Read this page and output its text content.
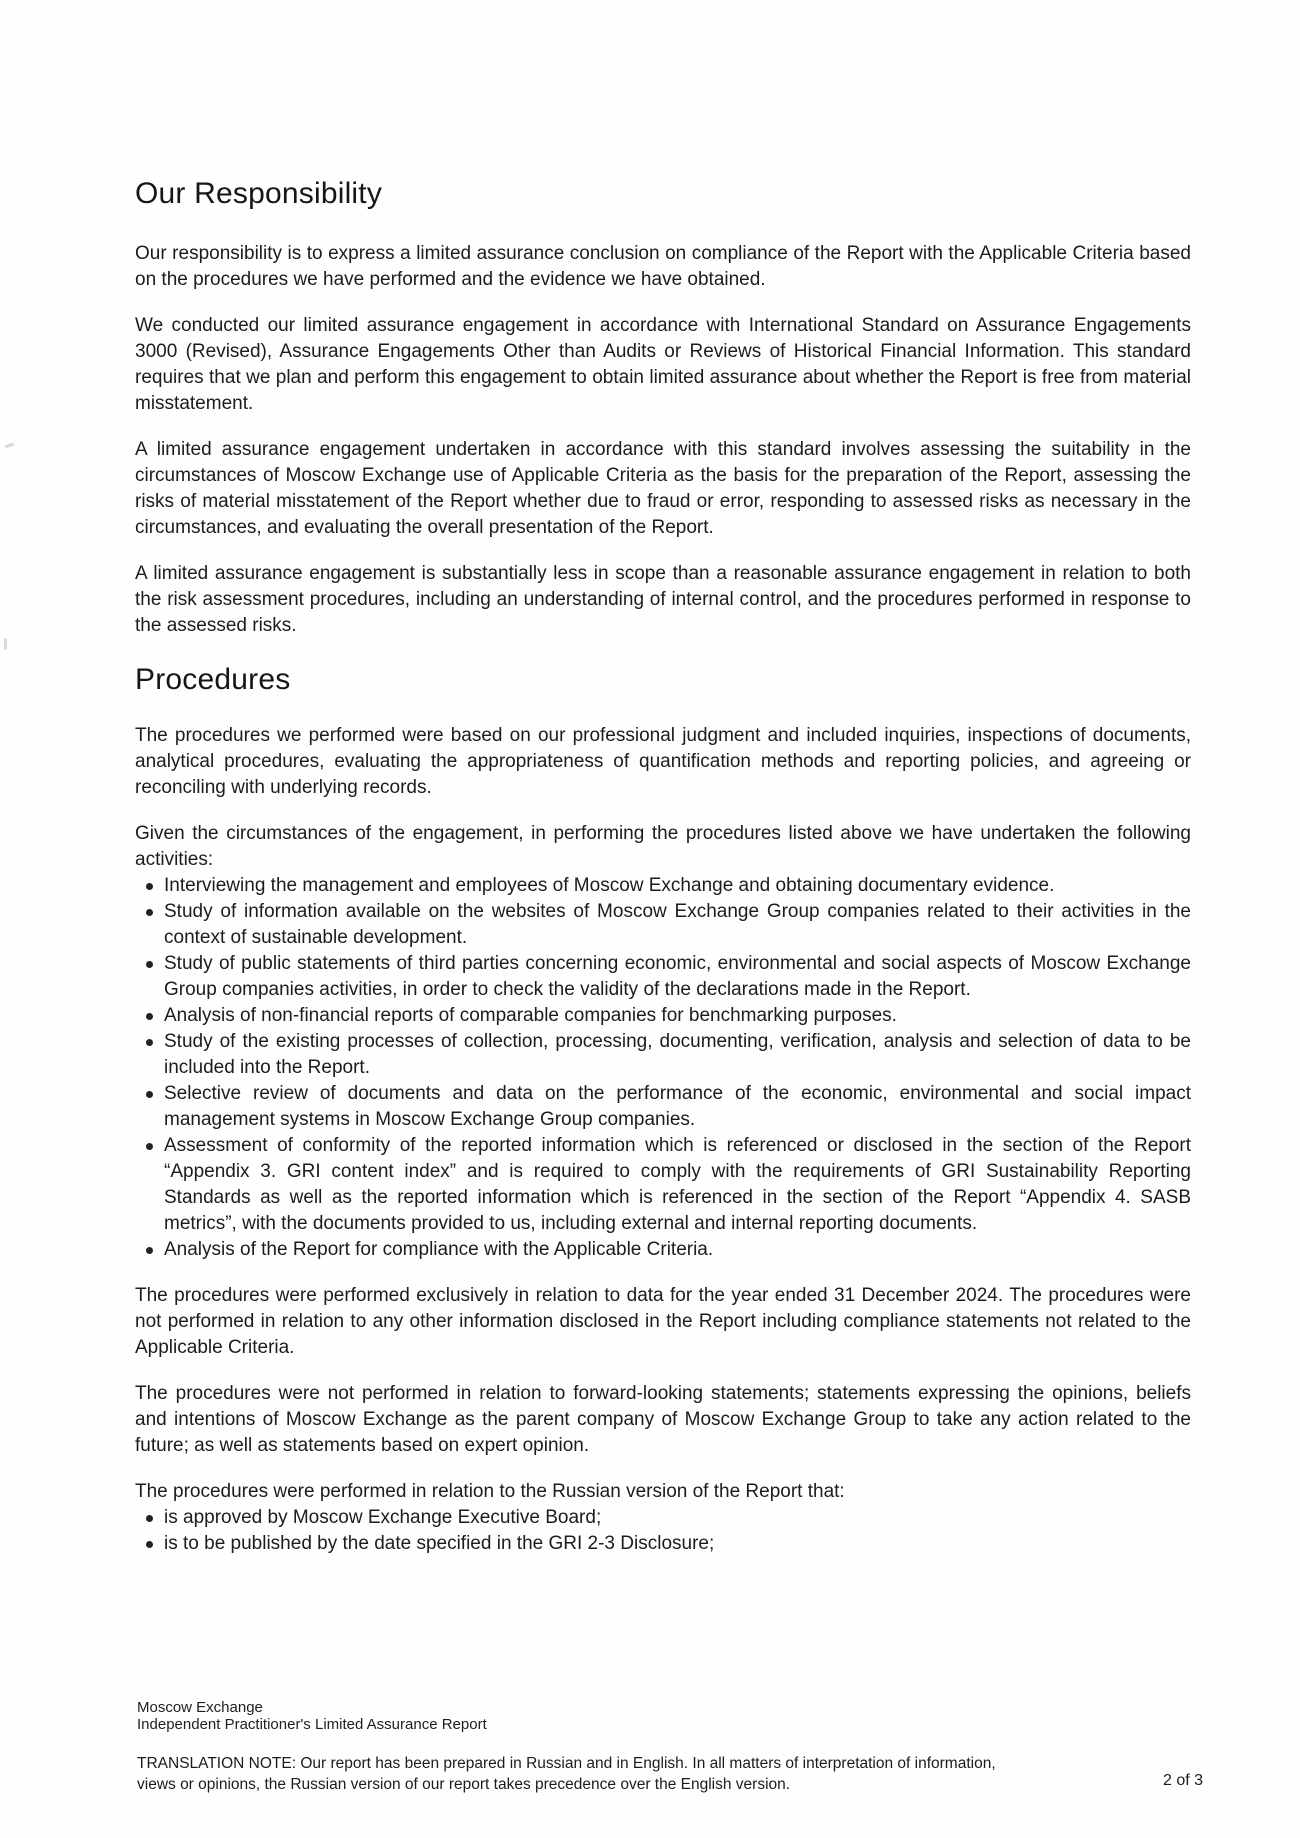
Our Responsibility

Our responsibility is to express a limited assurance conclusion on compliance of the Report with the Applicable Criteria based on the procedures we have performed and the evidence we have obtained.

We conducted our limited assurance engagement in accordance with International Standard on Assurance Engagements 3000 (Revised), Assurance Engagements Other than Audits or Reviews of Historical Financial Information. This standard requires that we plan and perform this engagement to obtain limited assurance about whether the Report is free from material misstatement.

A limited assurance engagement undertaken in accordance with this standard involves assessing the suitability in the circumstances of Moscow Exchange use of Applicable Criteria as the basis for the preparation of the Report, assessing the risks of material misstatement of the Report whether due to fraud or error, responding to assessed risks as necessary in the circumstances, and evaluating the overall presentation of the Report.

A limited assurance engagement is substantially less in scope than a reasonable assurance engagement in relation to both the risk assessment procedures, including an understanding of internal control, and the procedures performed in response to the assessed risks.

Procedures

The procedures we performed were based on our professional judgment and included inquiries, inspections of documents, analytical procedures, evaluating the appropriateness of quantification methods and reporting policies, and agreeing or reconciling with underlying records.

Given the circumstances of the engagement, in performing the procedures listed above we have undertaken the following activities:

Interviewing the management and employees of Moscow Exchange and obtaining documentary evidence.
Study of information available on the websites of Moscow Exchange Group companies related to their activities in the context of sustainable development.
Study of public statements of third parties concerning economic, environmental and social aspects of Moscow Exchange Group companies activities, in order to check the validity of the declarations made in the Report.
Analysis of non-financial reports of comparable companies for benchmarking purposes.
Study of the existing processes of collection, processing, documenting, verification, analysis and selection of data to be included into the Report.
Selective review of documents and data on the performance of the economic, environmental and social impact management systems in Moscow Exchange Group companies.
Assessment of conformity of the reported information which is referenced or disclosed in the section of the Report “Appendix 3. GRI content index” and is required to comply with the requirements of GRI Sustainability Reporting Standards as well as the reported information which is referenced in the section of the Report “Appendix 4. SASB metrics”, with the documents provided to us, including external and internal reporting documents.
Analysis of the Report for compliance with the Applicable Criteria.

The procedures were performed exclusively in relation to data for the year ended 31 December 2024. The procedures were not performed in relation to any other information disclosed in the Report including compliance statements not related to the Applicable Criteria.

The procedures were not performed in relation to forward-looking statements; statements expressing the opinions, beliefs and intentions of Moscow Exchange as the parent company of Moscow Exchange Group to take any action related to the future; as well as statements based on expert opinion.

The procedures were performed in relation to the Russian version of the Report that:

is approved by Moscow Exchange Executive Board;
is to be published by the date specified in the GRI 2-3 Disclosure;
Moscow Exchange
Independent Practitioner's Limited Assurance Report
TRANSLATION NOTE: Our report has been prepared in Russian and in English. In all matters of interpretation of information, views or opinions, the Russian version of our report takes precedence over the English version.	2 of 3
